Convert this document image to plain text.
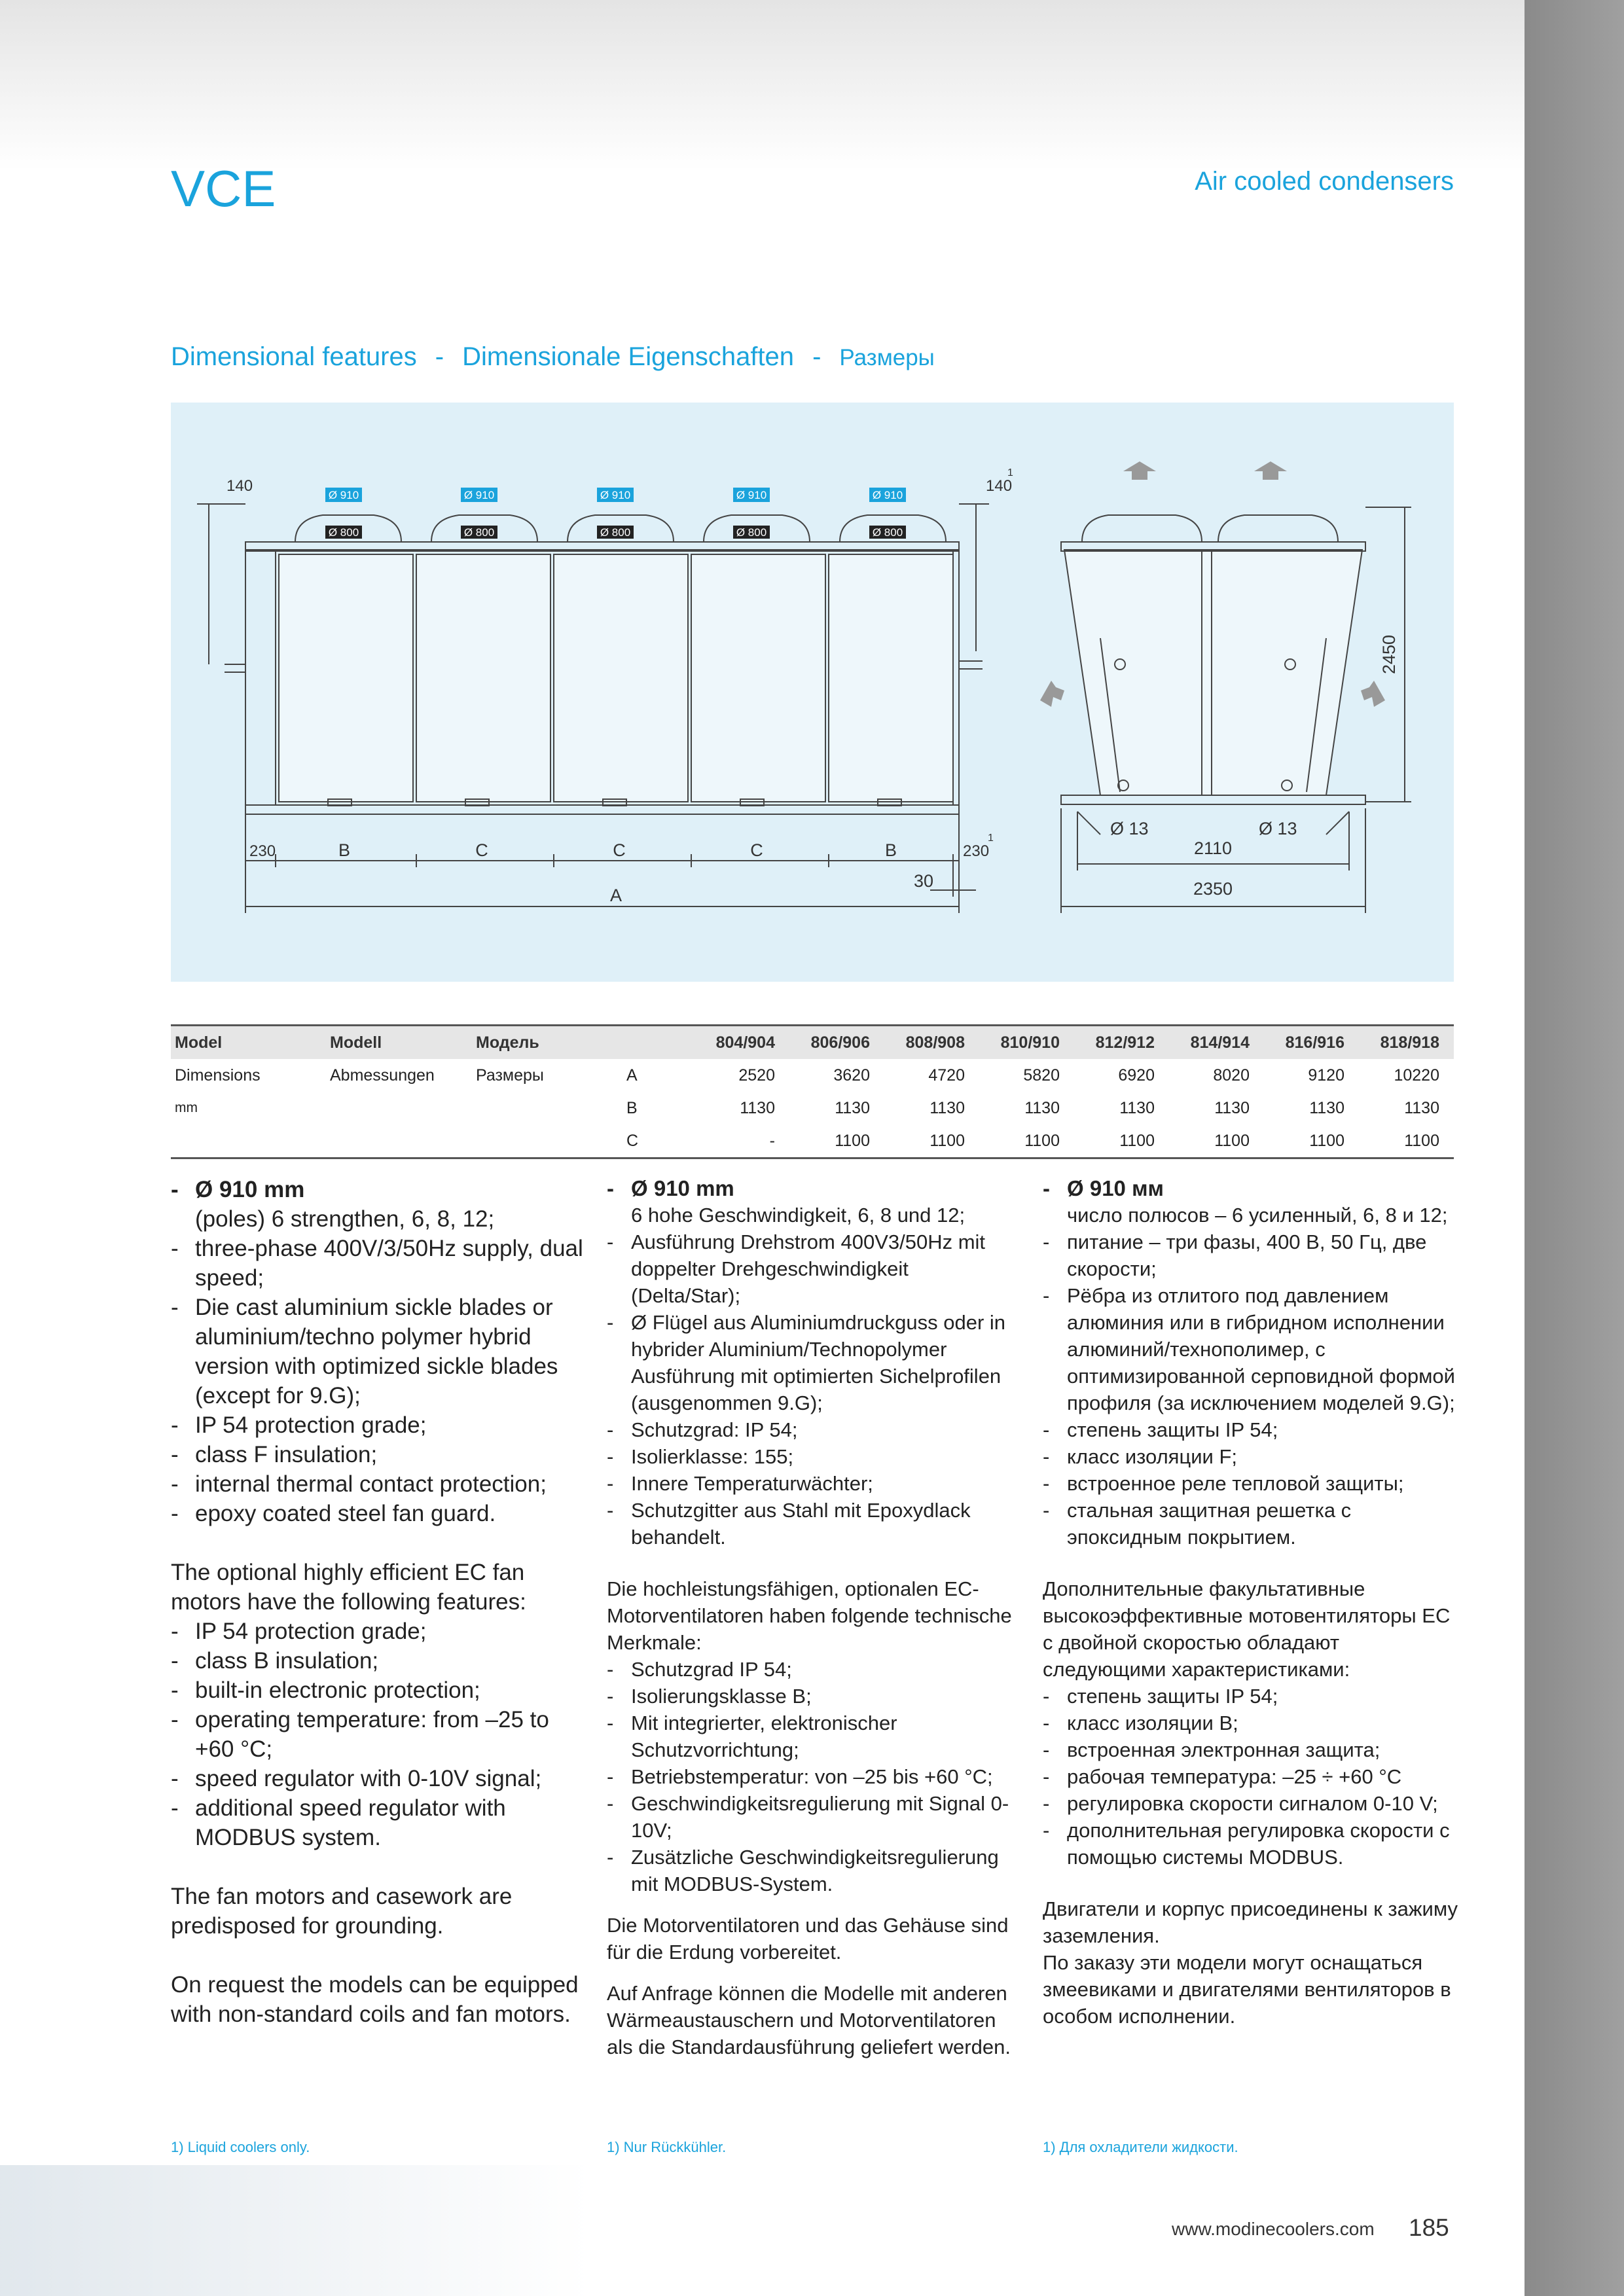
VCE	Air cooled condensers
Dimensional features - Dimensionale Eigenschaften - Размеры
Ø 910	Ø 910	Ø 910	Ø 910	Ø 910
Ø 800	Ø 800	Ø 800	Ø 800	Ø 800
140	140
1
230	230
1
B	C	C	C	B
30
A
2450
Ø 13	Ø 13
2110
2350
Model	Modell	Модель		804/904	806/906	808/908	810/910	812/912	814/914	816/916	818/918
Dimensions	Abmessungen	Размеры	A	2520	3620	4720	5820	6920	8020	9120	10220
mm			B	1130	1130	1130	1130	1130	1130	1130	1130
			C	-	1100	1100	1100	1100	1100	1100	1100
- Ø 910 mm

(poles) 6 strengthen, 6, 8, 12;

- three-phase 400V/3/50Hz supply, dual speed;
- Die cast aluminium sickle blades or aluminium/techno polymer hybrid version with optimized sickle blades (except for 9.G);
- IP 54 protection grade;
- class F insulation;
- internal thermal contact protection;
- epoxy coated steel fan guard.

The optional highly efficient EC fan motors have the following features:

- IP 54 protection grade;
- class B insulation;
- built-in electronic protection;
- operating temperature: from –25 to +60 °C;
- speed regulator with 0-10V signal;
- additional speed regulator with MODBUS system.

The fan motors and casework are predisposed for grounding.

On request the models can be equipped with non-standard coils and fan motors.

- Ø 910 mm

6 hohe Geschwindigkeit, 6, 8 und 12;

- Ausführung Drehstrom 400V3/50Hz mit doppelter Drehgeschwindigkeit (Delta/Star);
- Ø Flügel aus Aluminiumdruckguss oder in hybrider Aluminium/Technopolymer Ausführung mit optimierten Sichelprofilen (ausgenommen 9.G);
- Schutzgrad: IP 54;
- Isolierklasse: 155;
- Innere Temperaturwächter;
- Schutzgitter aus Stahl mit Epoxydlack behandelt.

Die hochleistungsfähigen, optionalen EC-Motorventilatoren haben folgende technische Merkmale:

- Schutzgrad IP 54;
- Isolierungsklasse B;
- Mit integrierter, elektronischer Schutzvorrichtung;
- Betriebstemperatur: von –25 bis +60 °C;
- Geschwindigkeitsregulierung mit Signal 0-10V;
- Zusätzliche Geschwindigkeitsregulierung mit MODBUS-System.

Die Motorventilatoren und das Gehäuse sind für die Erdung vorbereitet.

Auf Anfrage können die Modelle mit anderen Wärmeaustauschern und Motorventilatoren als die Standardausführung geliefert werden.

- Ø 910 мм

число полюсов – 6 усиленный, 6, 8 и 12;

- питание – три фазы, 400 В, 50 Гц, две скорости;
- Рёбра из отлитого под давлением алюминия или в гибридном исполнении алюминий/технополимер, с оптимизированной серповидной формой профиля (за исключением моделей 9.G);
- степень защиты IP 54;
- класс изоляции F;
- встроенное реле тепловой защиты;
- стальная защитная решетка с эпоксидным покрытием.

Дополнительные факультативные высокоэффективные мотовентиляторы EC с двойной скоростью обладают следующими характеристиками:

- степень защиты IP 54;
- класс изоляции B;
- встроенная электронная защита;
- рабочая температура: –25 ÷ +60 °C
- регулировка скорости сигналом 0-10 V;
- дополнительная регулировка скорости с помощью системы MODBUS.

Двигатели и корпус присоединены к зажиму заземления.

По заказу эти модели могут оснащаться змеевиками и двигателями вентиляторов в особом исполнении.

1) Liquid coolers only.	1) Nur Rückkühler.	1) Для охладители жидкости.
www.modinecoolers.com 185
